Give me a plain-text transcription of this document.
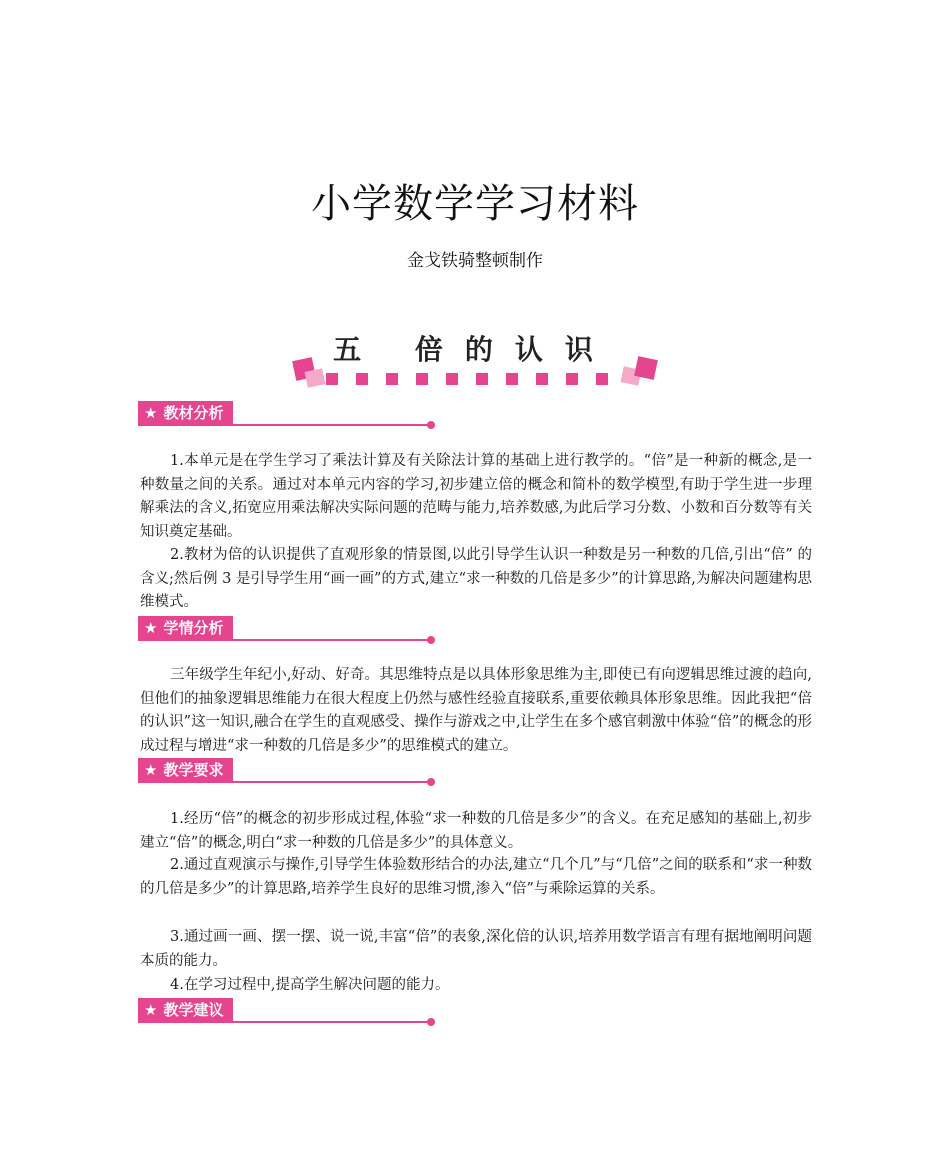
小学数学学习材料
金戈铁骑整顿制作
五 倍的认识
★ 教材分析

1.本单元是在学生学习了乘法计算及有关除法计算的基础上进行教学的。“倍”是一种新的概念,是一种数量之间的关系。通过对本单元内容的学习,初步建立倍的概念和简朴的数学模型,有助于学生进一步理解乘法的含义,拓宽应用乘法解决实际问题的范畴与能力,培养数感,为此后学习分数、小数和百分数等有关知识奠定基础。

2.教材为倍的认识提供了直观形象的情景图,以此引导学生认识一种数是另一种数的几倍,引出“倍” 的含义;然后例 3 是引导学生用“画一画”的方式,建立“求一种数的几倍是多少”的计算思路,为解决问题建构思维模式。

★ 学情分析

三年级学生年纪小,好动、好奇。其思维特点是以具体形象思维为主,即使已有向逻辑思维过渡的趋向,但他们的抽象逻辑思维能力在很大程度上仍然与感性经验直接联系,重要依赖具体形象思维。因此我把“倍的认识”这一知识,融合在学生的直观感受、操作与游戏之中,让学生在多个感官刺激中体验“倍”的概念的形成过程与增进“求一种数的几倍是多少”的思维模式的建立。

★ 教学要求

1.经历“倍”的概念的初步形成过程,体验“求一种数的几倍是多少”的含义。在充足感知的基础上,初步建立“倍”的概念,明白“求一种数的几倍是多少”的具体意义。

2.通过直观演示与操作,引导学生体验数形结合的办法,建立“几个几”与“几倍”之间的联系和“求一种数的几倍是多少”的计算思路,培养学生良好的思维习惯,渗入“倍”与乘除运算的关系。

3.通过画一画、摆一摆、说一说,丰富“倍”的表象,深化倍的认识,培养用数学语言有理有据地阐明问题本质的能力。

4.在学习过程中,提高学生解决问题的能力。

★ 教学建议
